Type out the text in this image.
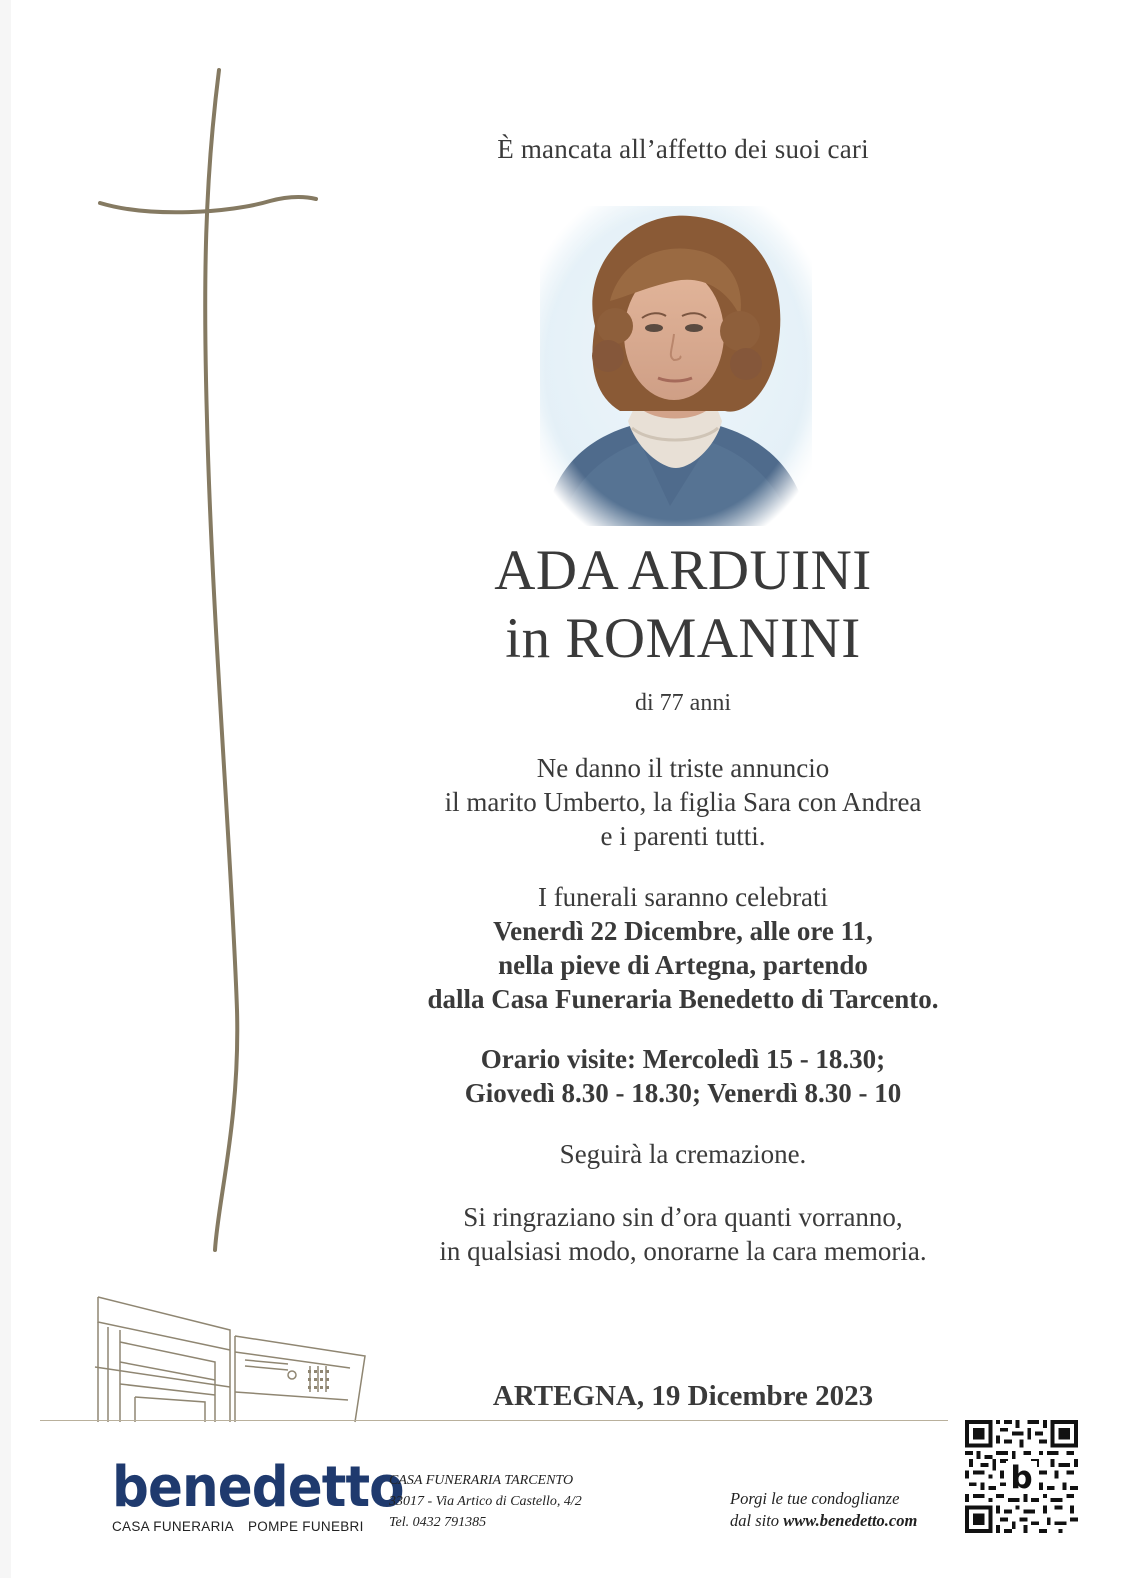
È mancata all’affetto dei suoi cari
ADA ARDUINI
in ROMANINI
di 77 anni
Ne danno il triste annuncio
il marito Umberto, la figlia Sara con Andrea
e i parenti tutti.
I funerali saranno celebrati
Venerdì 22 Dicembre, alle ore 11,
nella pieve di Artegna, partendo
dalla Casa Funeraria Benedetto di Tarcento.
Orario visite: Mercoledì 15 - 18.30;
Giovedì 8.30 - 18.30; Venerdì 8.30 - 10
Seguirà la cremazione.
Si ringraziano sin d’ora quanti vorranno,
in qualsiasi modo, onorarne la cara memoria.
ARTEGNA, 19 Dicembre 2023
benedetto
CASA FUNERARIA POMPE FUNEBRI
CASA FUNERARIA TARCENTO
33017 - Via Artico di Castello, 4/2
Tel. 0432 791385
Porgi le tue condoglianze
dal sito www.benedetto.com
b
